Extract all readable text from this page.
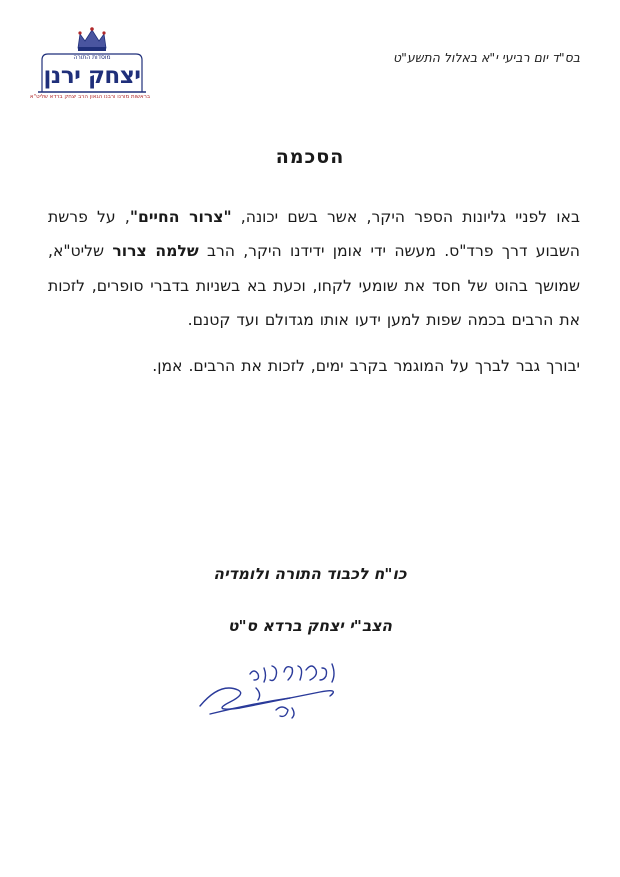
מוסדות התורה
יצחק ירנן
בראשות מורנו ורבנו הגאון הרב יצחק ברדא שליט"א
בס"ד יום רביעי י"א באלול התשע"ט
הסכמה

באו לפניי גליונות הספר היקר, אשר בשם יכונה, "צרור החיים", על פרשת השבוע דרך פרד"ס. מעשה ידי אומן ידידנו היקר, הרב שלמה צרור שליט"א, שמושך בהוט של חסד את שומעי לקחו, וכעת בא בשניות בדברי סופרים, לזכות את הרבים בכמה שפות למען ידעו אותו מגדולם ועד קטנם.

יבורך גבר לברך על המוגמר בקרב ימים, לזכות את הרבים. אמן.

כו"ח לכבוד התורה ולומדיה
הצב"י יצחק ברדא ס"ט
